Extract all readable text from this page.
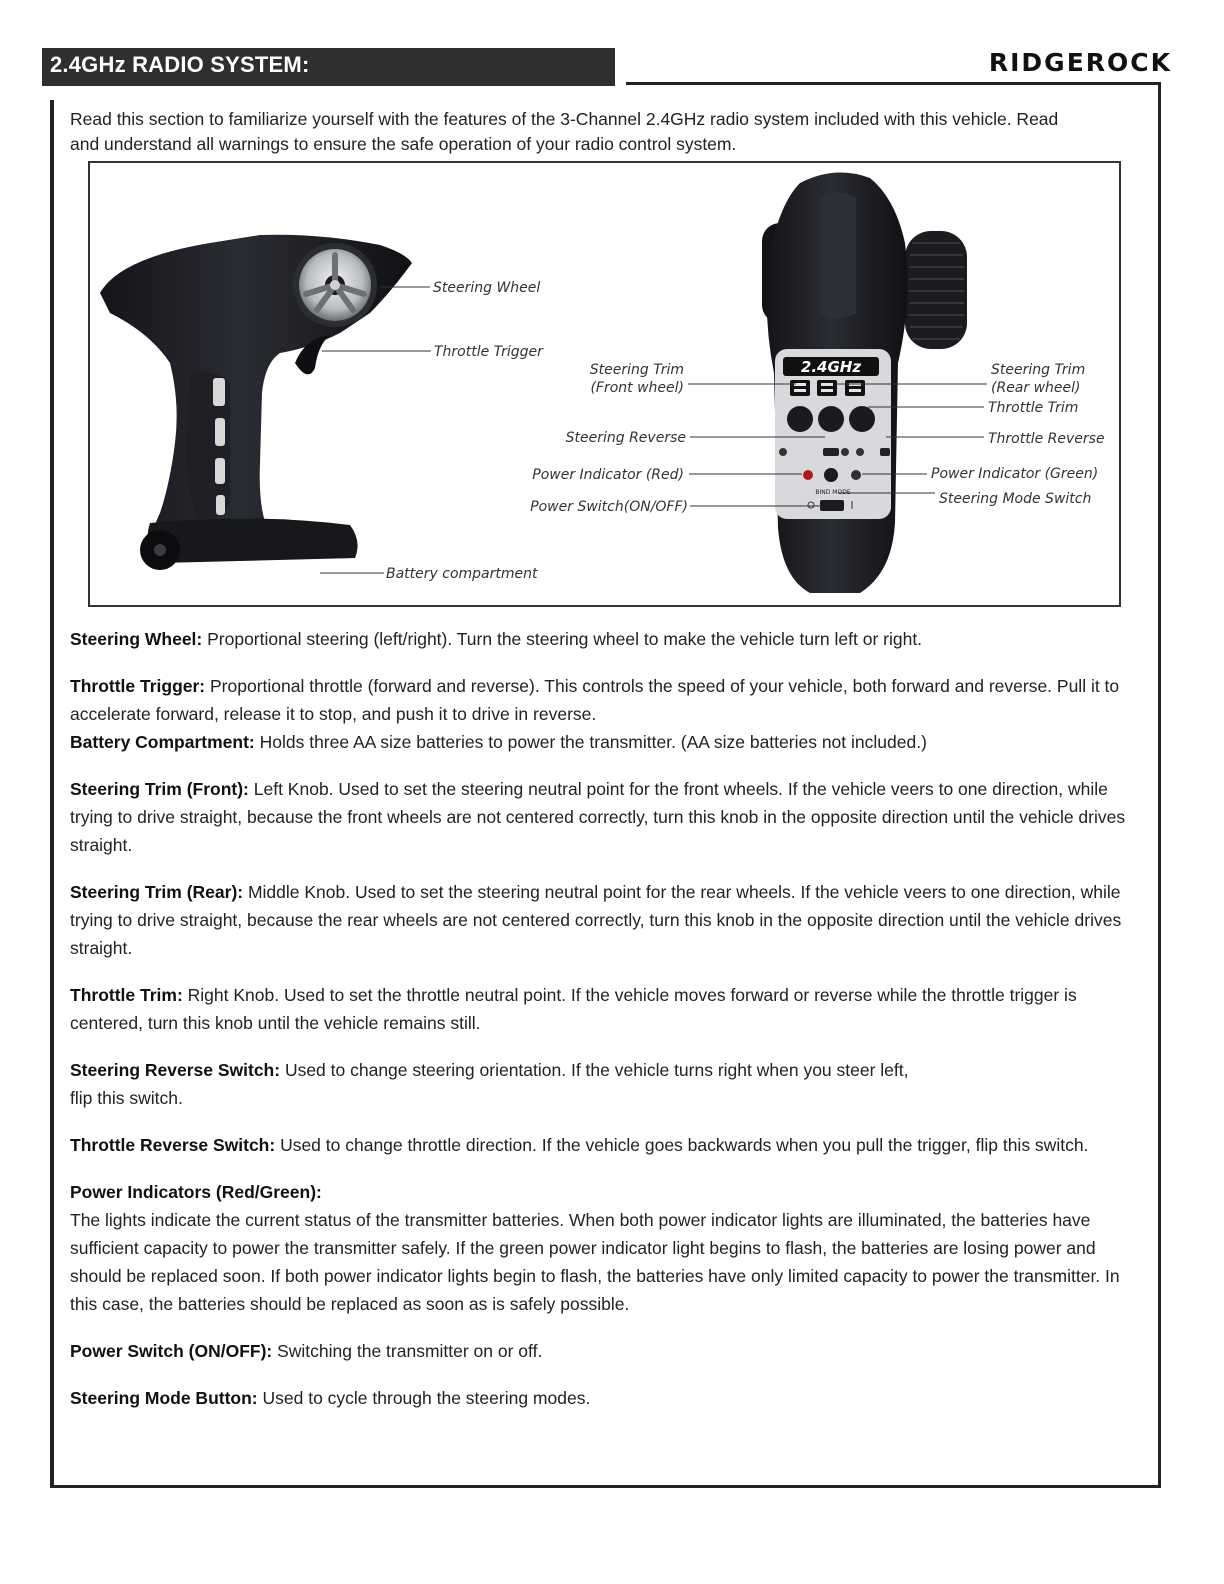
2.4GHz RADIO SYSTEM:	RIDGEROCK
Read this section to familiarize yourself with the features of the 3-Channel 2.4GHz radio system included with this vehicle. Read and understand all warnings to ensure the safe operation of your radio control system.
Steering Wheel
Throttle Trigger
Battery compartment
2.4GHz
BIND MODE
Steering Trim
(Front wheel)
Steering Reverse
Power Indicator (Red)
Power Switch(ON/OFF)
Steering Trim
(Rear wheel)
Throttle Trim
Throttle Reverse
Power Indicator (Green)
Steering Mode Switch

Steering Wheel: Proportional steering (left/right). Turn the steering wheel to make the vehicle turn left or right.

Throttle Trigger: Proportional throttle (forward and reverse). This controls the speed of your vehicle, both forward and reverse. Pull it to accelerate forward, release it to stop, and push it to drive in reverse.

Battery Compartment: Holds three AA size batteries to power the transmitter. (AA size batteries not included.)

Steering Trim (Front): Left Knob. Used to set the steering neutral point for the front wheels. If the vehicle veers to one direction, while trying to drive straight, because the front wheels are not centered correctly, turn this knob in the opposite direction until the vehicle drives straight.

Steering Trim (Rear): Middle Knob. Used to set the steering neutral point for the rear wheels. If the vehicle veers to one direction, while trying to drive straight, because the rear wheels are not centered correctly, turn this knob in the opposite direction until the vehicle drives straight.

Throttle Trim: Right Knob. Used to set the throttle neutral point. If the vehicle moves forward or reverse while the throttle trigger is centered, turn this knob until the vehicle remains still.

Steering Reverse Switch: Used to change steering orientation. If the vehicle turns right when you steer left,
flip this switch.

Throttle Reverse Switch: Used to change throttle direction. If the vehicle goes backwards when you pull the trigger, flip this switch.

Power Indicators (Red/Green):
The lights indicate the current status of the transmitter batteries. When both power indicator lights are illuminated, the batteries have sufficient capacity to power the transmitter safely. If the green power indicator light begins to flash, the batteries are losing power and should be replaced soon. If both power indicator lights begin to flash, the batteries have only limited capacity to power the transmitter. In this case, the batteries should be replaced as soon as is safely possible.

Power Switch (ON/OFF): Switching the transmitter on or off.

Steering Mode Button: Used to cycle through the steering modes.
